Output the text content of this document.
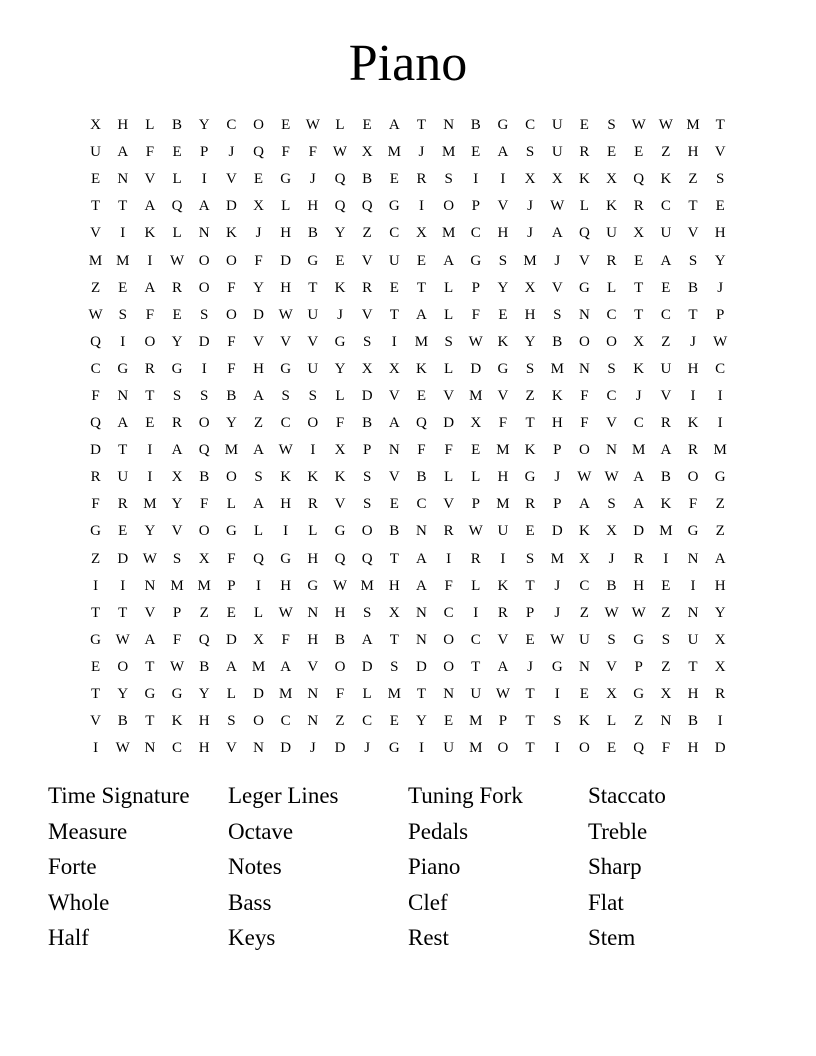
Piano
X	H	L	B	Y	C	O	E	W	L	E	A	T	N	B	G	C	U	E	S	W W M	T
U	A	F	E	P	J	Q	F	F	W X	M	J	M	E	A	S	U	R	E	E	Z	H	V
E	N	V	L	I	V	E	G	J	Q	B	E	R	S	I	I	X	X	K	X	Q	K	Z	S
T	T	A	Q	A	D	X	L	H	Q	Q	G	I	O	P	V	J	W	L	K	R	C	T	E
V	I	K	L	N	K	J	H	B	Y	Z	C	X	M	C	H	J	A	Q	U	X	U	V	H
M M	I	W O	O	F	D	G	E	V	U	E	A	G	S	M	J	V	R	E	A	S	Y
Z	E	A	R	O	F	Y	H	T	K	R	E	T	L	P	Y	X	V	G	L	T	E	B	J
W	S	F	E	S	O	D W U	J	V	T	A	L	F	E	H	S	N	C	T	C	T	P
Q	I	O	Y	D	F	V	V	V	G	S	I	M	S	W K	Y	B	O	O	X	Z	J	W
C	G	R	G	I	F	H	G	U	Y	X	X	K	L	D	G	S	M	N	S	K	U	H	C
F	N	T	S	S	B	A	S	S	L	D	V	E	V	M	V	Z	K	F	C	J	V	I	I
Q	A	E	R	O	Y	Z	C	O	F	B	A	Q	D	X	F	T	H	F	V	C	R	K	I
D	T	I	A	Q	M	A W	I	X	P	N	F	F	E	M	K	P	O	N	M	A	R	M
R	U	I	X	B	O	S	K	K	K	S	V	B	L	L	H	G	J	W W A	B	O	G
F	R	M	Y	F	L	A	H	R	V	S	E	C	V	P	M	R	P	A	S	A	K	F	Z
G	E	Y	V	O	G	L	I	L	G	O	B	N	R	W U	E	D	K	X	D	M	G	Z
Z	D W	S	X	F	Q	G	H	Q	Q	T	A	I	R	I	S	M	X	J	R	I	N	A
I	I	N	M M	P	I	H	G W M	H	A	F	L	K	T	J	C	B	H	E	I	H
T	T	V	P	Z	E	L	W N	H	S	X	N	C	I	R	P	J	Z	W W	Z	N	Y
G W A	F	Q	D	X	F	H	B	A	T	N	O	C	V	E	W U	S	G	S	U	X
E	O	T	W	B	A	M	A	V	O	D	S	D	O	T	A	J	G	N	V	P	Z	T	X
T	Y	G	G	Y	L	D	M	N	F	L	M	T	N	U W	T	I	E	X	G	X	H	R
V	B	T	K	H	S	O	C	N	Z	C	E	Y	E	M	P	T	S	K	L	Z	N	B	I
I	W N	C	H	V	N	D	J	D	J	G	I	U	M	O	T	I	O	E	Q	F	H	D
Time Signature	Leger Lines	Tuning Fork	Staccato
Measure	Octave	Pedals	Treble
Forte	Notes	Piano	Sharp
Whole	Bass	Clef	Flat
Half	Keys	Rest	Stem
